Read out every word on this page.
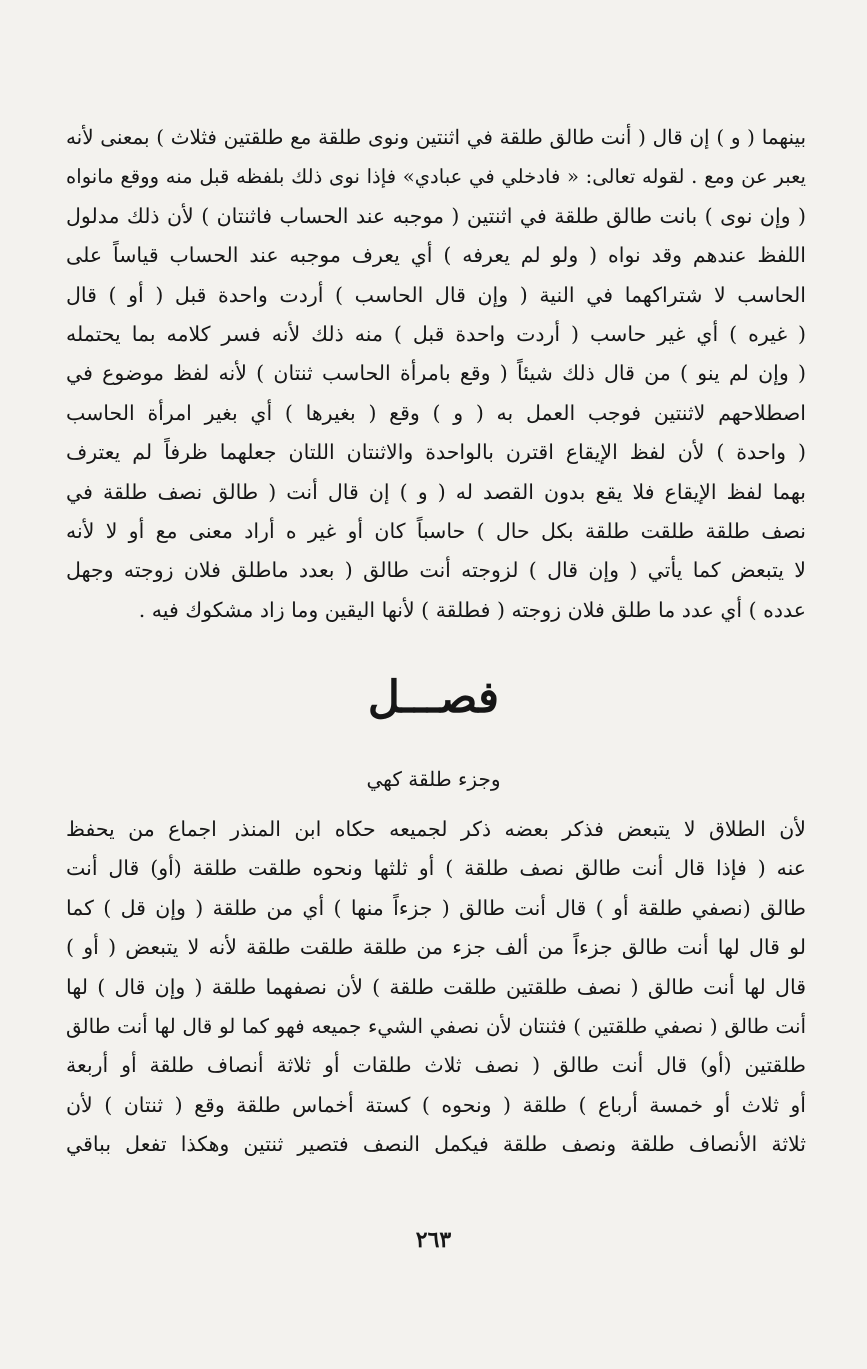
بينهما ( و ) إن قال ( أنت طالق طلقة في اثنتين ونوى طلقة مع طلقتين فثلاث ) بمعنى لأنه
يعبر عن ومع . لقوله تعالى: « فادخلي في عبادي» فإذا نوى ذلك بلفظه قبل منه ووقع مانواه
( وإن نوى ) بانت طالق طلقة في اثنتين ( موجبه عند الحساب فاثنتان ) لأن ذلك مدلول
اللفظ عندهم وقد نواه ( ولو لم يعرفه ) أي يعرف موجبه عند الحساب قياساً على
الحاسب لا شتراكهما في النية ( وإن قال الحاسب ) أردت واحدة قبل ( أو ) قال
( غيره ) أي غير حاسب ( أردت واحدة قبل ) منه ذلك لأنه فسر كلامه بما يحتمله
( وإن لم ينو ) من قال ذلك شيئاً ( وقع بامرأة الحاسب ثنتان ) لأنه لفظ موضوع في
اصطلاحهم لاثنتين فوجب العمل به ( و ) وقع ( بغيرها ) أي بغير امرأة الحاسب
( واحدة ) لأن لفظ الإيقاع اقترن بالواحدة والاثنتان اللتان جعلهما ظرفاً لم يعترف
بهما لفظ الإيقاع فلا يقع بدون القصد له ( و ) إن قال أنت ( طالق نصف طلقة في
نصف طلقة طلقت طلقة بكل حال ) حاسباً كان أو غير ه أراد معنى مع أو لا لأنه
لا يتبعض كما يأتي ( وإن قال ) لزوجته أنت طالق ( بعدد ماطلق فلان زوجته وجهل
عدده ) أي عدد ما طلق فلان زوجته ( فطلقة ) لأنها اليقين وما زاد مشكوك فيه .
فصـــل
وجزء طلقة كهي
لأن الطلاق لا يتبعض فذكر بعضه ذكر لجميعه حكاه ابن المنذر اجماع من يحفظ
عنه ( فإذا قال أنت طالق نصف طلقة ) أو ثلثها ونحوه طلقت طلقة (أو) قال أنت
طالق (نصفي طلقة أو ) قال أنت طالق ( جزءاً منها ) أي من طلقة ( وإن قل ) كما
لو قال لها أنت طالق جزءاً من ألف جزء من طلقة طلقت طلقة لأنه لا يتبعض ( أو )
قال لها أنت طالق ( نصف طلقتين طلقت طلقة ) لأن نصفهما طلقة ( وإن قال ) لها
أنت طالق ( نصفي طلقتين ) فثنتان لأن نصفي الشيء جميعه فهو كما لو قال لها أنت طالق
طلقتين (أو) قال أنت طالق ( نصف ثلاث طلقات أو ثلاثة أنصاف طلقة أو أربعة
أو ثلاث أو خمسة أرباع ) طلقة ( ونحوه ) كستة أخماس طلقة وقع ( ثنتان ) لأن
ثلاثة الأنصاف طلقة ونصف طلقة فيكمل النصف فتصير ثنتين وهكذا تفعل بباقي
٢٦٣
